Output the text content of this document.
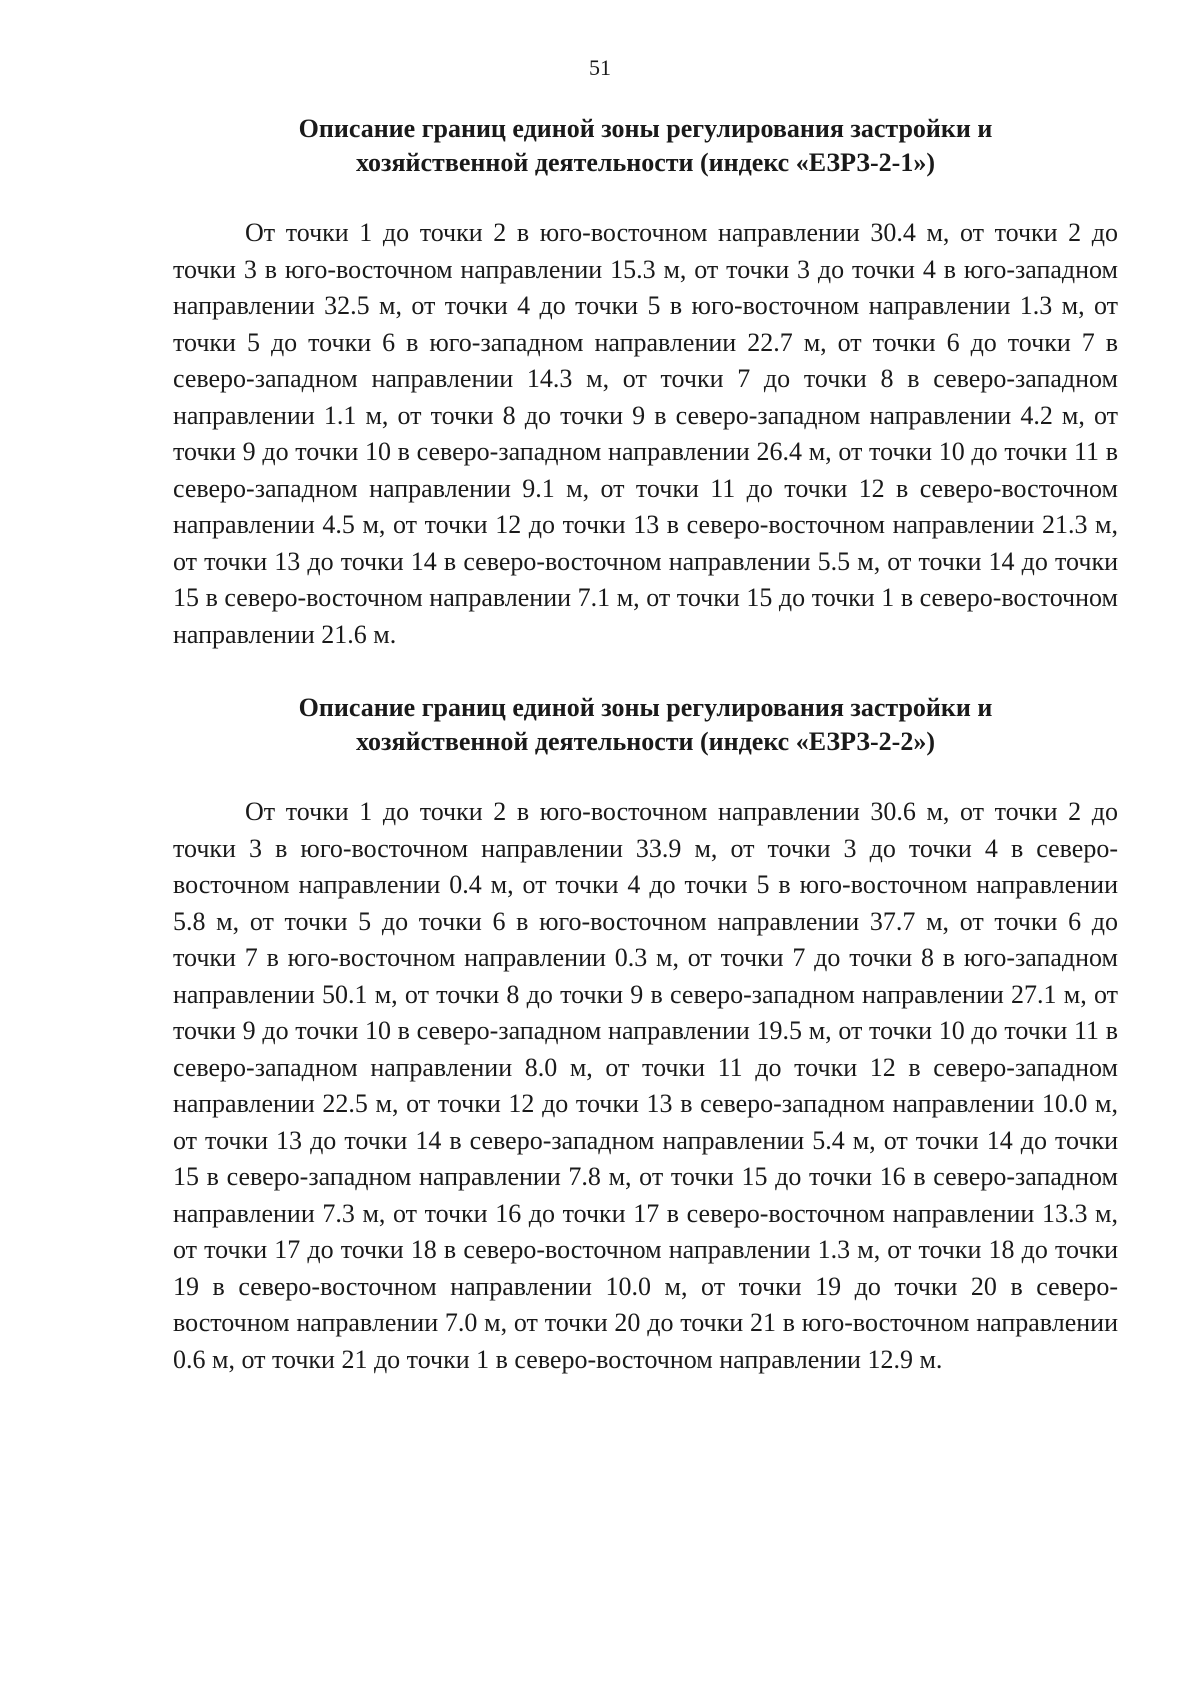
51
Описание границ единой зоны регулирования застройки и
хозяйственной деятельности (индекс «ЕЗРЗ-2-1»)

От точки 1 до точки 2 в юго-восточном направлении 30.4 м, от точки 2 до точки 3 в юго-восточном направлении 15.3 м, от точки 3 до точки 4 в юго-западном направлении 32.5 м, от точки 4 до точки 5 в юго-восточном направлении 1.3 м, от точки 5 до точки 6 в юго-западном направлении 22.7 м, от точки 6 до точки 7 в северо-западном направлении 14.3 м, от точки 7 до точки 8 в северо-западном направлении 1.1 м, от точки 8 до точки 9 в северо-западном направлении 4.2 м, от точки 9 до точки 10 в северо-западном направлении 26.4 м, от точки 10 до точки 11 в северо-западном направлении 9.1 м, от точки 11 до точки 12 в северо-восточном направлении 4.5 м, от точки 12 до точки 13 в северо-восточном направлении 21.3 м, от точки 13 до точки 14 в северо-восточном направлении 5.5 м, от точки 14 до точки 15 в северо-восточном направлении 7.1 м, от точки 15 до точки 1 в северо-восточном направлении 21.6 м.

Описание границ единой зоны регулирования застройки и
хозяйственной деятельности (индекс «ЕЗРЗ-2-2»)

От точки 1 до точки 2 в юго-восточном направлении 30.6 м, от точки 2 до точки 3 в юго-восточном направлении 33.9 м, от точки 3 до точки 4 в северо-восточном направлении 0.4 м, от точки 4 до точки 5 в юго-восточном направлении 5.8 м, от точки 5 до точки 6 в юго-восточном направлении 37.7 м, от точки 6 до точки 7 в юго-восточном направлении 0.3 м, от точки 7 до точки 8 в юго-западном направлении 50.1 м, от точки 8 до точки 9 в северо-западном направлении 27.1 м, от точки 9 до точки 10 в северо-западном направлении 19.5 м, от точки 10 до точки 11 в северо-западном направлении 8.0 м, от точки 11 до точки 12 в северо-западном направлении 22.5 м, от точки 12 до точки 13 в северо-западном направлении 10.0 м, от точки 13 до точки 14 в северо-западном направлении 5.4 м, от точки 14 до точки 15 в северо-западном направлении 7.8 м, от точки 15 до точки 16 в северо-западном направлении 7.3 м, от точки 16 до точки 17 в северо-восточном направлении 13.3 м, от точки 17 до точки 18 в северо-восточном направлении 1.3 м, от точки 18 до точки 19 в северо-восточном направлении 10.0 м, от точки 19 до точки 20 в северо-восточном направлении 7.0 м, от точки 20 до точки 21 в юго-восточном направлении 0.6 м, от точки 21 до точки 1 в северо-восточном направлении 12.9 м.
